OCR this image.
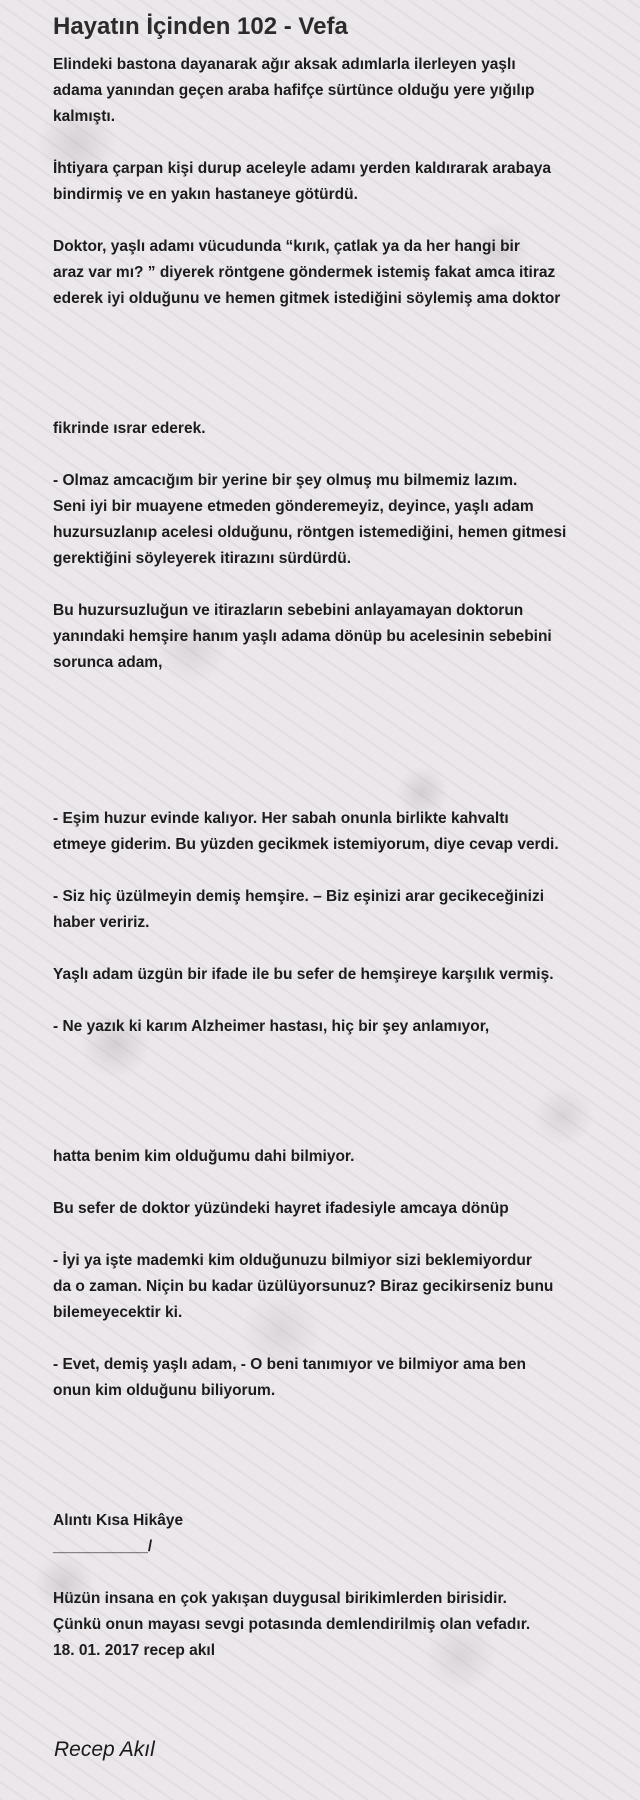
Hayatın İçinden 102 - Vefa

Elindeki bastona dayanarak ağır aksak adımlarla ilerleyen yaşlı
adama yanından geçen araba hafifçe sürtünce olduğu yere yığılıp
kalmıştı.

İhtiyara çarpan kişi durup aceleyle adamı yerden kaldırarak arabaya
bindirmiş ve en yakın hastaneye götürdü.

Doktor, yaşlı adamı vücudunda “kırık, çatlak ya da her hangi bir
araz var mı? ” diyerek röntgene göndermek istemiş fakat amca itiraz
ederek iyi olduğunu ve hemen gitmek istediğini söylemiş ama doktor

fikrinde ısrar ederek.

- Olmaz amcacığım bir yerine bir şey olmuş mu bilmemiz lazım.
Seni iyi bir muayene etmeden gönderemeyiz, deyince, yaşlı adam
huzursuzlanıp acelesi olduğunu, röntgen istemediğini, hemen gitmesi
gerektiğini söyleyerek itirazını sürdürdü.

Bu huzursuzluğun ve itirazların sebebini anlayamayan doktorun
yanındaki hemşire hanım yaşlı adama dönüp bu acelesinin sebebini
sorunca adam,

- Eşim huzur evinde kalıyor. Her sabah onunla birlikte kahvaltı
etmeye giderim. Bu yüzden gecikmek istemiyorum, diye cevap verdi.

- Siz hiç üzülmeyin demiş hemşire. – Biz eşinizi arar gecikeceğinizi
haber veririz.

Yaşlı adam üzgün bir ifade ile bu sefer de hemşireye karşılık vermiş.

- Ne yazık ki karım Alzheimer hastası, hiç bir şey anlamıyor,

hatta benim kim olduğumu dahi bilmiyor.

Bu sefer de doktor yüzündeki hayret ifadesiyle amcaya dönüp

- İyi ya işte mademki kim olduğunuzu bilmiyor sizi beklemiyordur
da o zaman. Niçin bu kadar üzülüyorsunuz? Biraz gecikirseniz bunu
bilemeyecektir ki.

- Evet, demiş yaşlı adam, - O beni tanımıyor ve bilmiyor ama ben
onun kim olduğunu biliyorum.

Alıntı Kısa Hikâye
___________/

Hüzün insana en çok yakışan duygusal birikimlerden birisidir.
Çünkü onun mayası sevgi potasında demlendirilmiş olan vefadır.
18. 01. 2017 recep akıl

Recep Akıl
